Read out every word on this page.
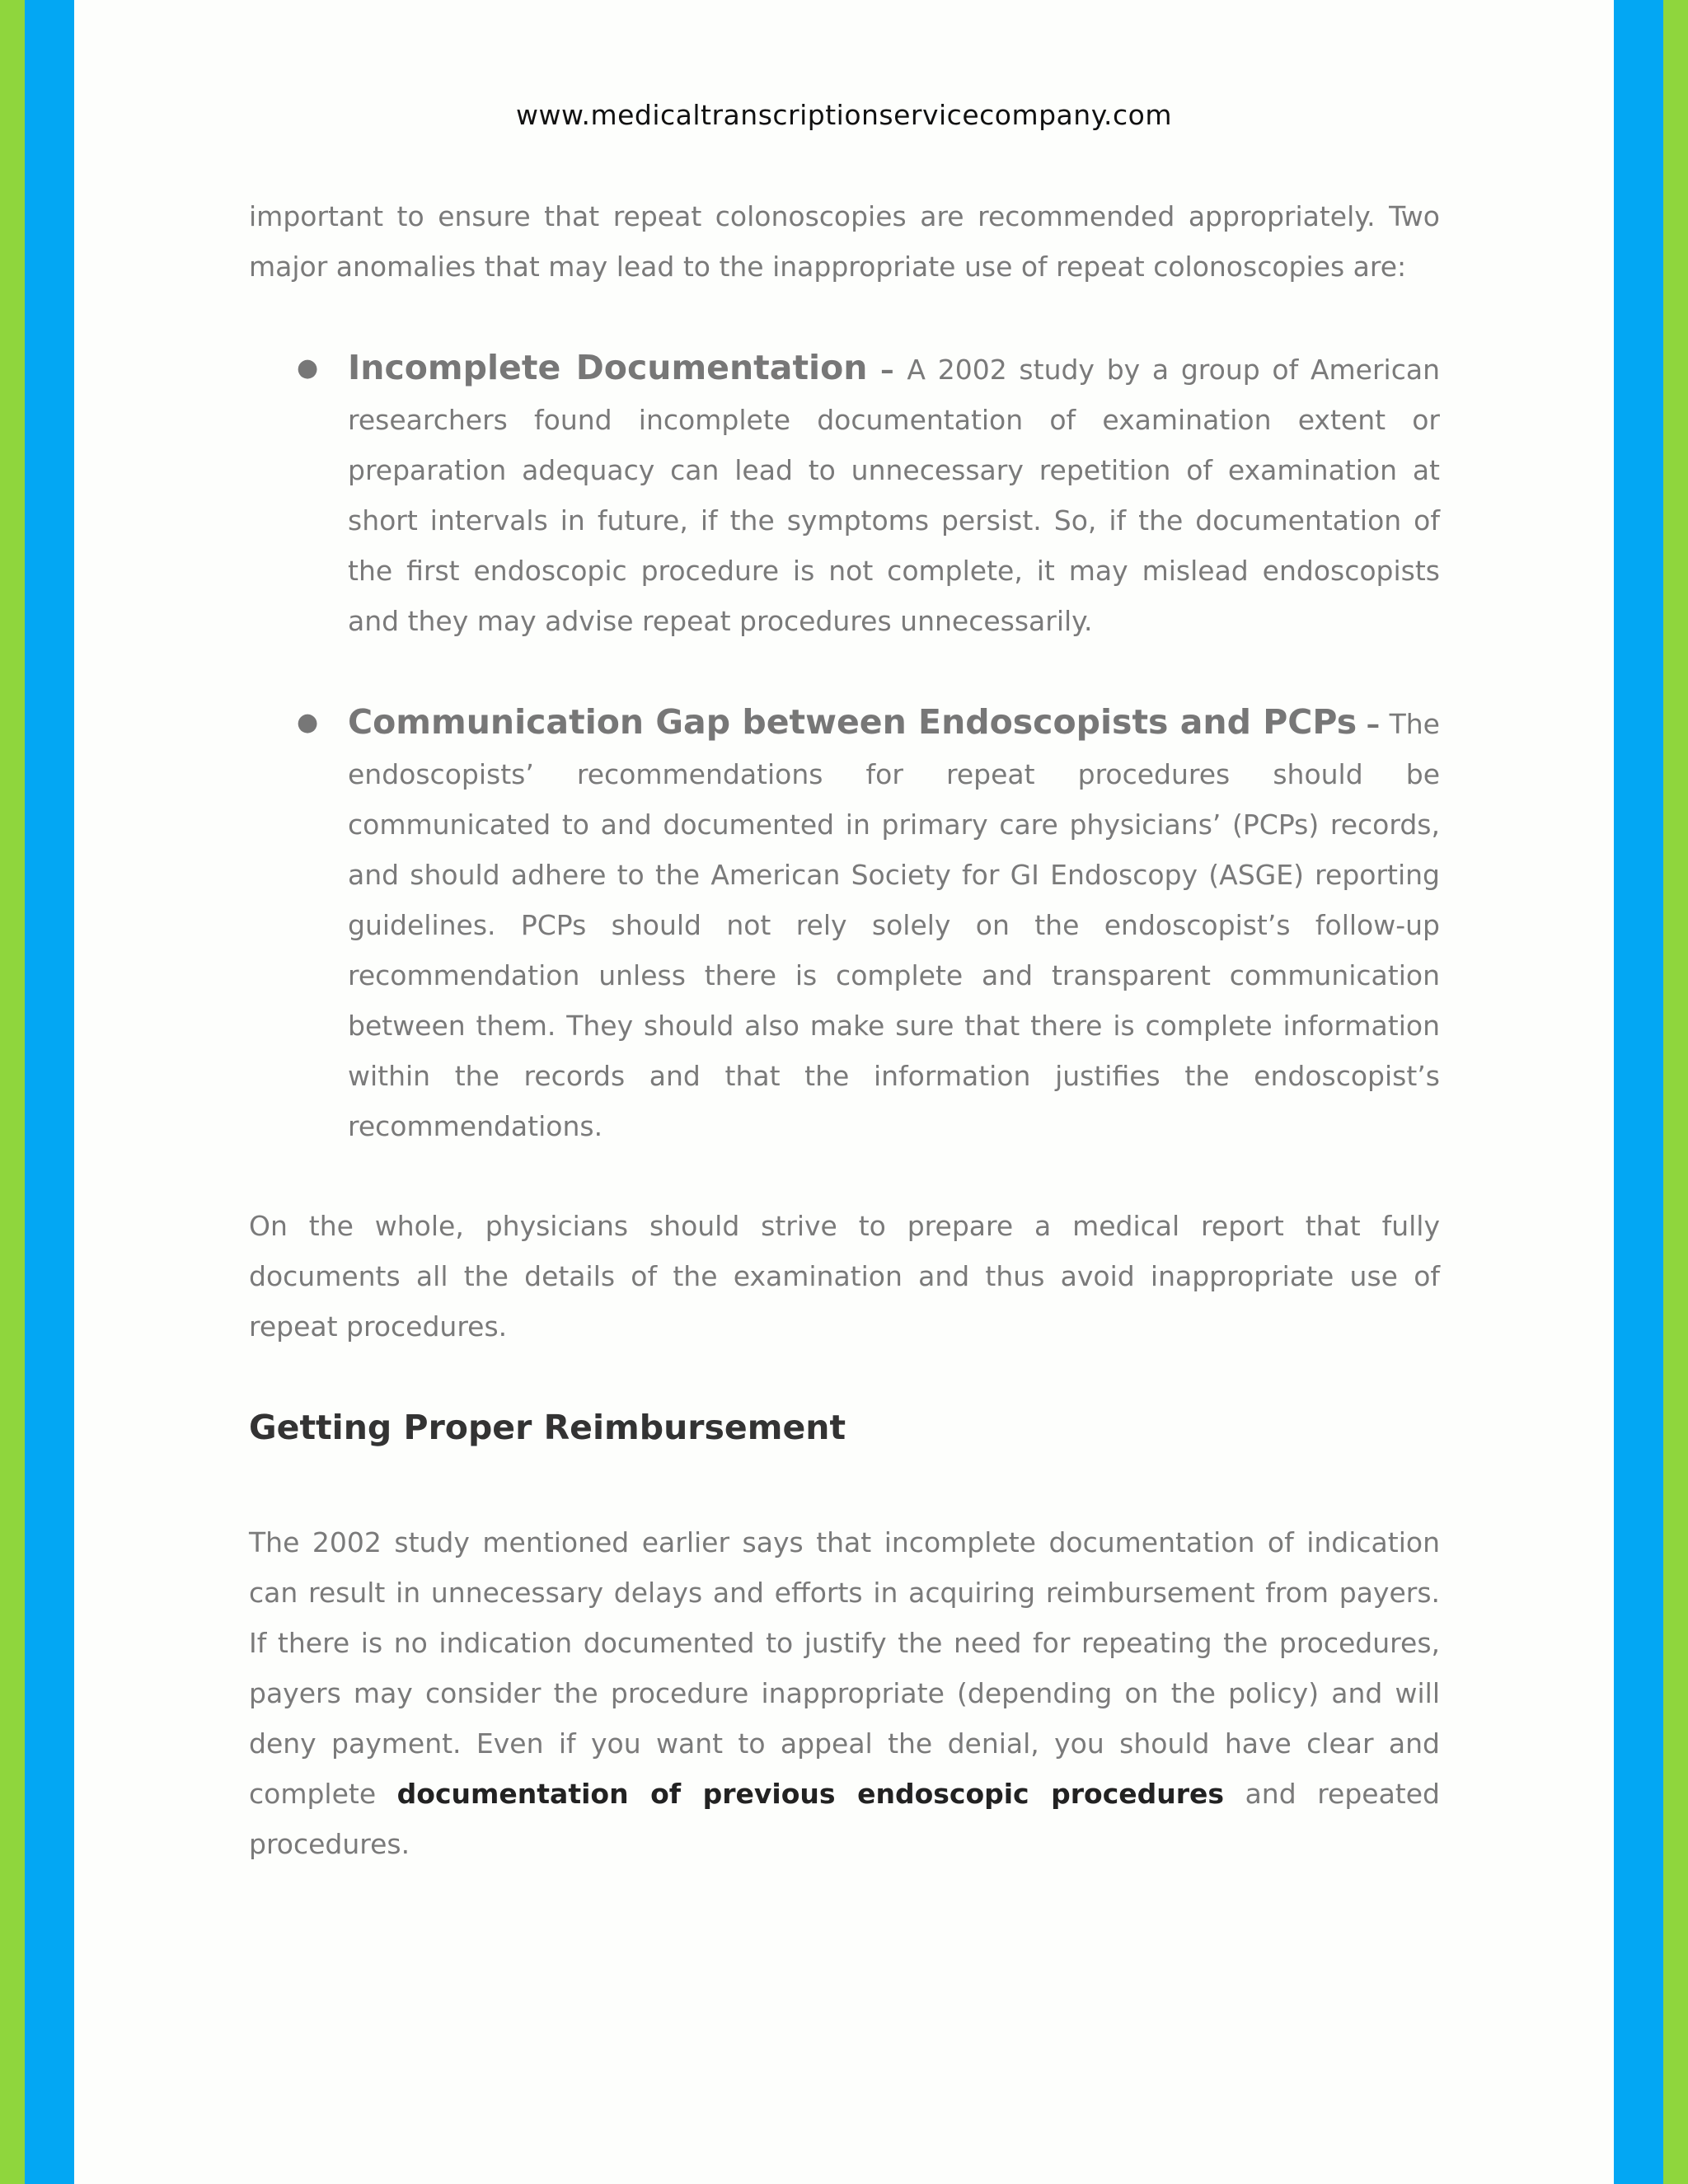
www.medicaltranscriptionservicecompany.com

important to ensure that repeat colonoscopies are recommended appropriately. Two major anomalies that may lead to the inappropriate use of repeat colonoscopies are:

● Incomplete Documentation – A 2002 study by a group of American researchers found incomplete documentation of examination extent or preparation adequacy can lead to unnecessary repetition of examination at short intervals in future, if the symptoms persist. So, if the documentation of the first endoscopic procedure is not complete, it may mislead endoscopists and they may advise repeat procedures unnecessarily.
● Communication Gap between Endoscopists and PCPs – The endoscopists’ recommendations for repeat procedures should be communicated to and documented in primary care physicians’ (PCPs) records, and should adhere to the American Society for GI Endoscopy (ASGE) reporting guidelines. PCPs should not rely solely on the endoscopist’s follow-up recommendation unless there is complete and transparent communication between them. They should also make sure that there is complete information within the records and that the information justifies the endoscopist’s recommendations.

On the whole, physicians should strive to prepare a medical report that fully documents all the details of the examination and thus avoid inappropriate use of repeat procedures.

Getting Proper Reimbursement

The 2002 study mentioned earlier says that incomplete documentation of indication can result in unnecessary delays and efforts in acquiring reimbursement from payers. If there is no indication documented to justify the need for repeating the procedures, payers may consider the procedure inappropriate (depending on the policy) and will deny payment. Even if you want to appeal the denial, you should have clear and complete documentation of previous endoscopic procedures and repeated procedures.
